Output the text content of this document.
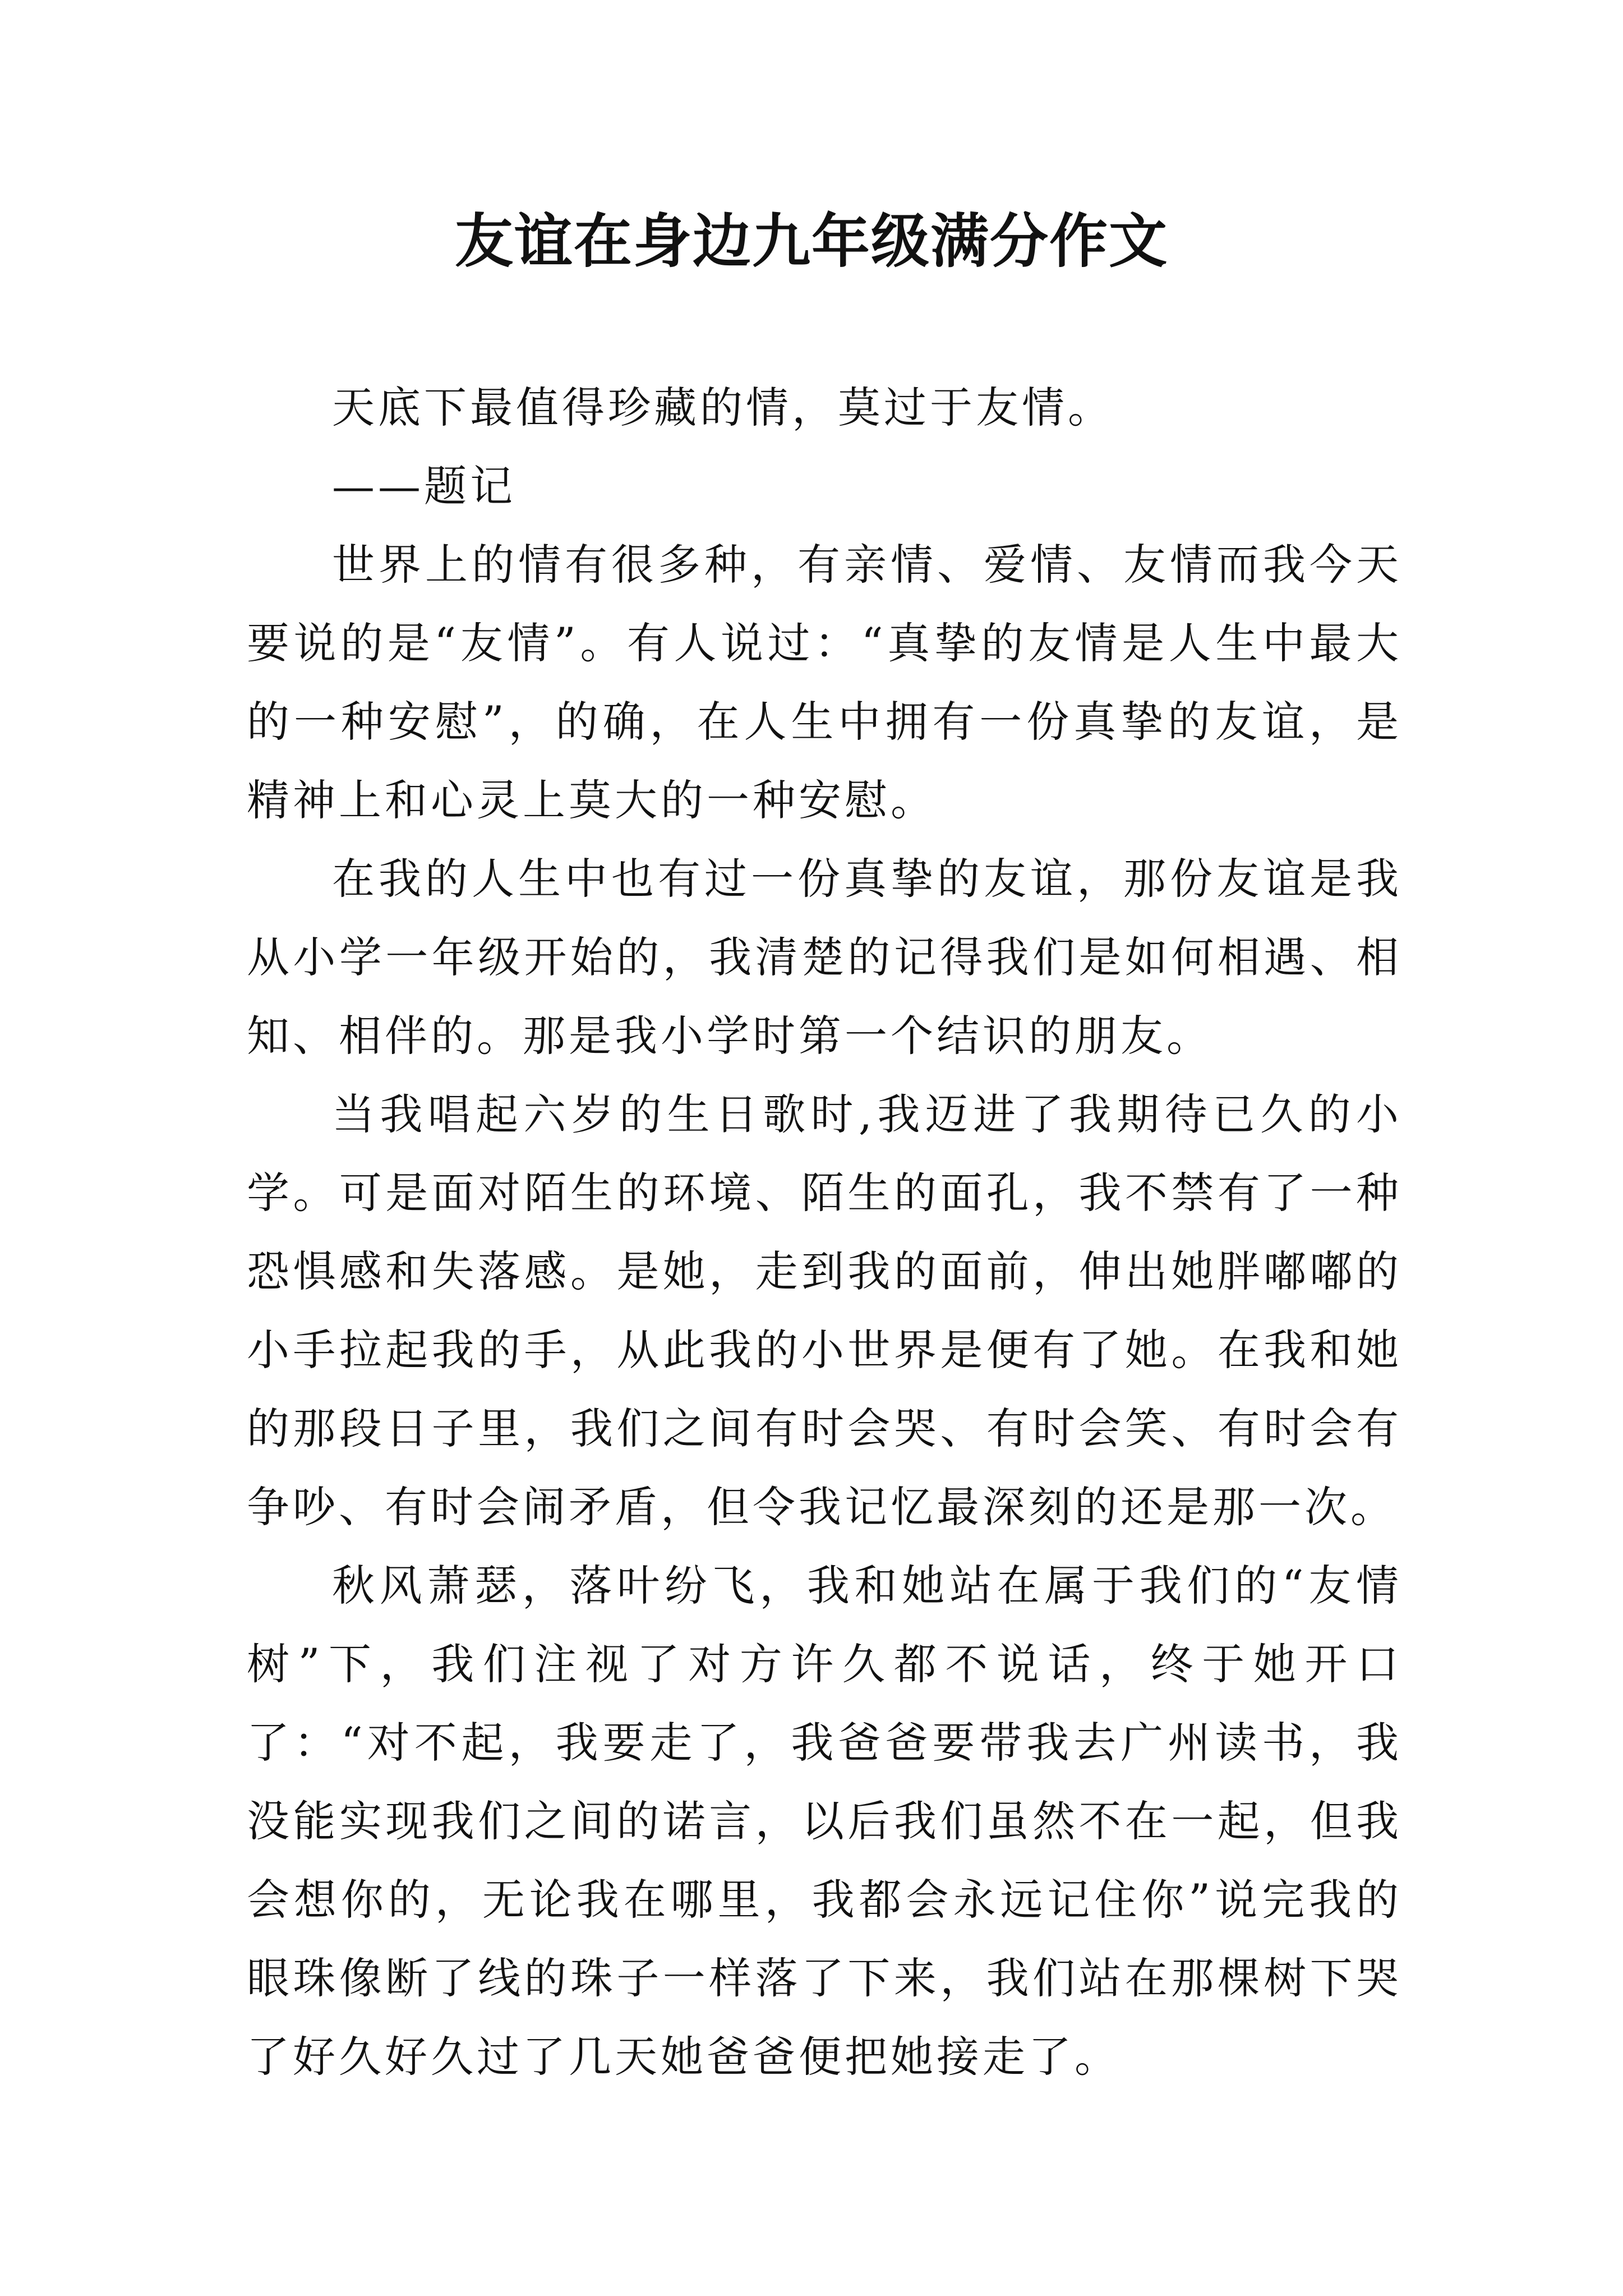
友谊在身边九年级满分作文

天底下最值得珍藏的情，莫过于友情。

——题记

世界上的情有很多种，有亲情、爱情、友情而我今天要说的是“友情”。有人说过：“真挚的友情是人生中最大的一种安慰”，的确，在人生中拥有一份真挚的友谊，是精神上和心灵上莫大的一种安慰。

在我的人生中也有过一份真挚的友谊，那份友谊是我从小学一年级开始的，我清楚的记得我们是如何相遇、相知、相伴的。那是我小学时第一个结识的朋友。

当我唱起六岁的生日歌时,我迈进了我期待已久的小学。可是面对陌生的环境、陌生的面孔，我不禁有了一种恐惧感和失落感。是她，走到我的面前，伸出她胖嘟嘟的小手拉起我的手，从此我的小世界是便有了她。在我和她的那段日子里，我们之间有时会哭、有时会笑、有时会有争吵、有时会闹矛盾，但令我记忆最深刻的还是那一次。

秋风萧瑟，落叶纷飞，我和她站在属于我们的“友情树”下，我们注视了对方许久都不说话，终于她开口了：“对不起，我要走了，我爸爸要带我去广州读书，我没能实现我们之间的诺言，以后我们虽然不在一起，但我会想你的，无论我在哪里，我都会永远记住你”说完我的眼珠像断了线的珠子一样落了下来，我们站在那棵树下哭了好久好久过了几天她爸爸便把她接走了。
